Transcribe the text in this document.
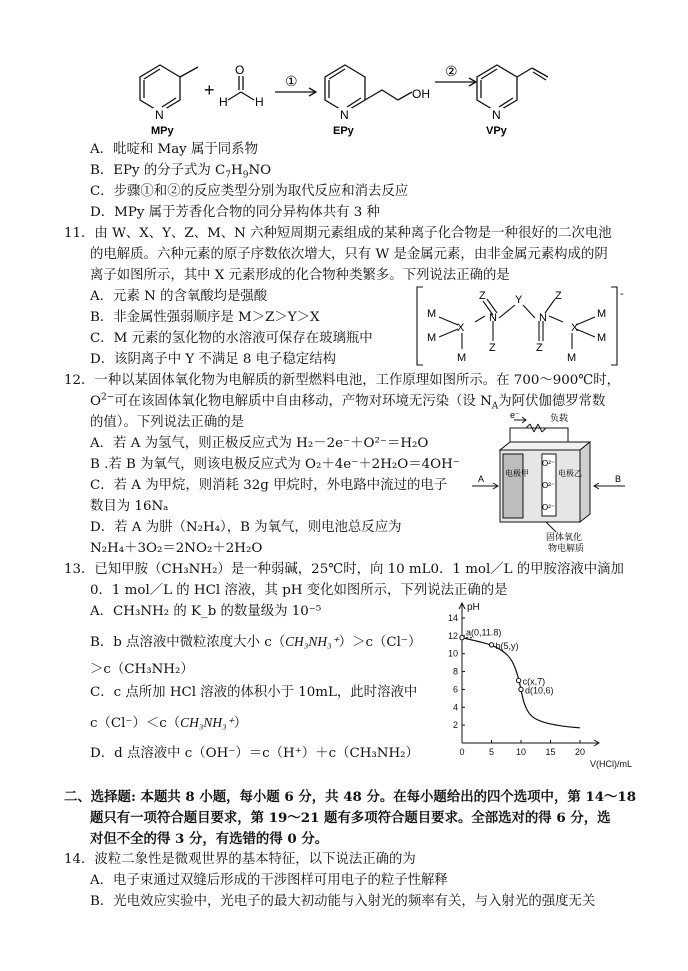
N	N	N
O
H H
+	①
②
OH
MPy	EPy	VPy
A．吡啶和 May 属于同系物
B．EPy 的分子式为 $C_7H_9NO$
C．步骤①和②的反应类型分别为取代反应和消去反应
D．MPy 属于芳香化合物的同分异构体共有 3 种
11．由 W、X、Y、Z、M、N 六种短周期元素组成的某种离子化合物是一种很好的二次电池
的电解质。六种元素的原子序数依次增大，只有 W 是金属元素，由非金属元素构成的阴
离子如图所示，其中 X 元素形成的化合物种类繁多。下列说法正确的是
A．元素 N 的含氧酸均是强酸
B．非金属性强弱顺序是 M＞Z＞Y＞X
C．M 元素的氢化物的水溶液可保存在玻璃瓶中
D．该阴离子中 Y 不满足 8 电子稳定结构
Z	Y	Z
N	N
X	X
Z	Z
M
M
M
M
M
M
-
12．一种以某固体氧化物为电解质的新型燃料电池，工作原理如图所示。在 700～900℃时，
$O^{2-}$可在该固体氧化物电解质中自由移动，产物对环境无污染（设 $N_A$为阿伏伽德罗常数
的值）。下列说法正确的是
A．若 A 为氢气，则正极反应式为 H₂－2e⁻＋O²⁻＝H₂O
B .若 B 为氧气，则该电极反应式为 O₂＋4e⁻＋2H₂O＝4OH⁻
C．若 A 为甲烷，则消耗 32g 甲烷时，外电路中流过的电子
数目为 16Nₐ
D．若 A 为肼（N₂H₄），B 为氧气，则电池总反应为
N₂H₄＋3O₂＝2NO₂＋2H₂O
e⁻	负载
电极甲	电极乙
O²⁻
O²⁻
O²⁻
A	B
固体氧化
物电解质
13．已知甲胺（CH₃NH₂）是一种弱碱，25℃时，向 10 mL0．1 mol／L 的甲胺溶液中滴加
0．1 mol／L 的 HCl 溶液，其 pH 变化如图所示，下列说法正确的是
A．CH₃NH₂ 的 K_b 的数量级为 10⁻⁵
B．b 点溶液中微粒浓度大小 c（CH₃NH₃⁺）＞c（Cl⁻）
＞c（CH₃NH₂）
C．c 点所加 HCl 溶液的体积小于 10mL，此时溶液中
c（Cl⁻）＜c（CH₃NH₃⁺）
D．d 点溶液中 c（OH⁻）＝c（H⁺）＋c（CH₃NH₂）
pH
V(HCl)/mL
2
4
6
8
10
12
14
0	5 10 15 20
a(0,11.8)
b(5,y)
c(x,7)
d(10,6)
二、选择题: 本题共 8 小题，每小题 6 分，共 48 分。在每小题给出的四个选项中，第 14～18
题只有一项符合题目要求，第 19～21 题有多项符合题目要求。全部选对的得 6 分，选
对但不全的得 3 分，有选错的得 0 分。
14．波粒二象性是微观世界的基本特征，以下说法正确的为
A．电子束通过双缝后形成的干涉图样可用电子的粒子性解释
B．光电效应实验中，光电子的最大初动能与入射光的频率有关，与入射光的强度无关
